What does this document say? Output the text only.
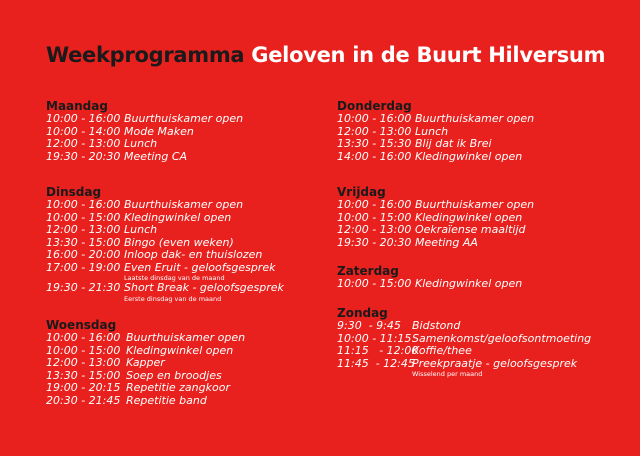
Weekprogramma Geloven in de Buurt Hilversum
Maandag
10:00 - 16:00 Buurthuiskamer open
10:00 - 14:00 Mode Maken
12:00 - 13:00 Lunch
19:30 - 20:30 Meeting CA
Dinsdag
10:00 - 16:00 Buurthuiskamer open
10:00 - 15:00 Kledingwinkel open
12:00 - 13:00 Lunch
13:30 - 15:00 Bingo (even weken)
16:00 - 20:00 Inloop dak- en thuislozen
17:00 - 19:00 Even Eruit - geloofsgesprek
Laatste dinsdag van de maand
19:30 - 21:30 Short Break - geloofsgesprek
Eerste dinsdag van de maand
Woensdag
10:00 - 16:00 Buurthuiskamer open
10:00 - 15:00 Kledingwinkel open
12:00 - 13:00 Kapper
13:30 - 15:00 Soep en broodjes
19:00 - 20:15 Repetitie zangkoor
20:30 - 21:45 Repetitie band
Donderdag
10:00 - 16:00 Buurthuiskamer open
12:00 - 13:00 Lunch
13:30 - 15:30 Blij dat ik Brei
14:00 - 16:00 Kledingwinkel open
Vrijdag
10:00 - 16:00 Buurthuiskamer open
10:00 - 15:00 Kledingwinkel open
12:00 - 13:00 Oekraïense maaltijd
19:30 - 20:30 Meeting AA
Zaterdag
10:00 - 15:00 Kledingwinkel open
Zondag
9:30  - 9:45	Bidstond
10:00 - 11:15 Samenkomst/geloofsontmoeting
11:15   - 12:00
Koffie/thee
11:45  - 12:45
Preekpraatje - geloofsgesprek
Wisselend per maand
